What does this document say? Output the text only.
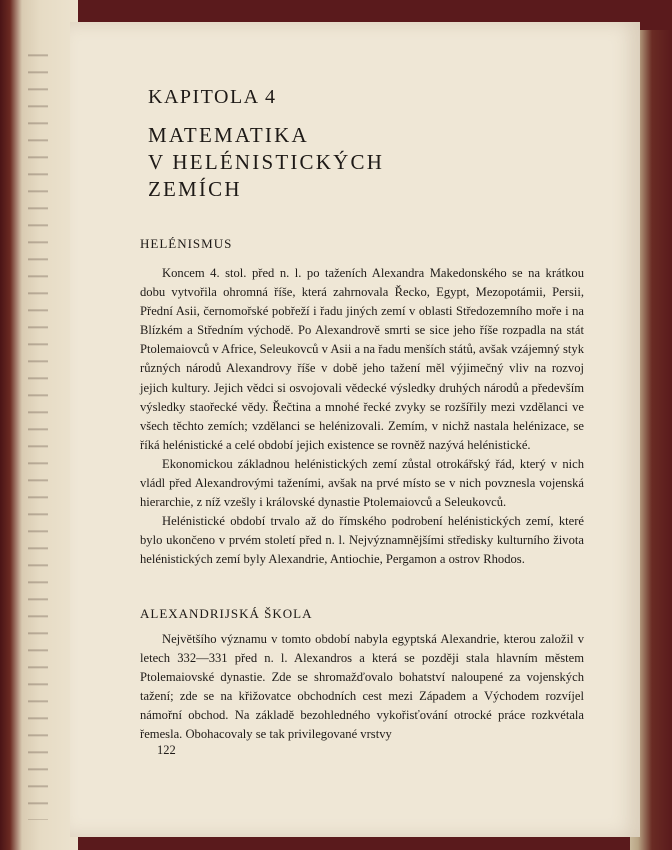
KAPITOLA 4
MATEMATIKA
V HELÉNISTICKÝCH
ZEMÍCH
HELÉNISMUS

Koncem 4. stol. před n. l. po taženích Alexandra Makedonského se na krátkou dobu vytvořila ohromná říše, která zahrnovala Řecko, Egypt, Mezopotámii, Persii, Přední Asii, černomořské pobřeží i řadu jiných zemí v oblasti Středozemního moře i na Blízkém a Středním východě. Po Alexandrově smrti se sice jeho říše rozpadla na stát Ptolemaiovců v Africe, Seleukovců v Asii a na řadu menších států, avšak vzájemný styk různých národů Alexandrovy říše v době jeho tažení měl výjimečný vliv na rozvoj jejich kultury. Jejich vědci si osvojovali vědecké výsledky druhých národů a především výsledky staořecké vědy. Řečtina a mnohé řecké zvyky se rozšířily mezi vzdělanci ve všech těchto zemích; vzdělanci se helénizovali. Zemím, v nichž nastala helénizace, se říká helénistické a celé období jejich existence se rovněž nazývá helénistické.

Ekonomickou základnou helénistických zemí zůstal otrokářský řád, který v nich vládl před Alexandrovými taženími, avšak na prvé místo se v nich povznesla vojenská hierarchie, z níž vzešly i královské dynastie Ptolemaiovců a Seleukovců.

Helénistické období trvalo až do římského podrobení helénistických zemí, které bylo ukončeno v prvém století před n. l. Nejvýznamnějšími středisky kulturního života helénistických zemí byly Alexandrie, Antiochie, Pergamon a ostrov Rhodos.

ALEXANDRIJSKÁ ŠKOLA

Největšího významu v tomto období nabyla egyptská Alexandrie, kterou založil v letech 332—331 před n. l. Alexandros a která se později stala hlavním městem Ptolemaiovské dynastie. Zde se shromažďovalo bohatství naloupené za vojenských tažení; zde se na křižovatce obchodních cest mezi Západem a Východem rozvíjel námořní obchod. Na základě bezohledného vykořisťování otrocké práce rozkvétala řemesla. Obohacovaly se tak privilegované vrstvy

122
